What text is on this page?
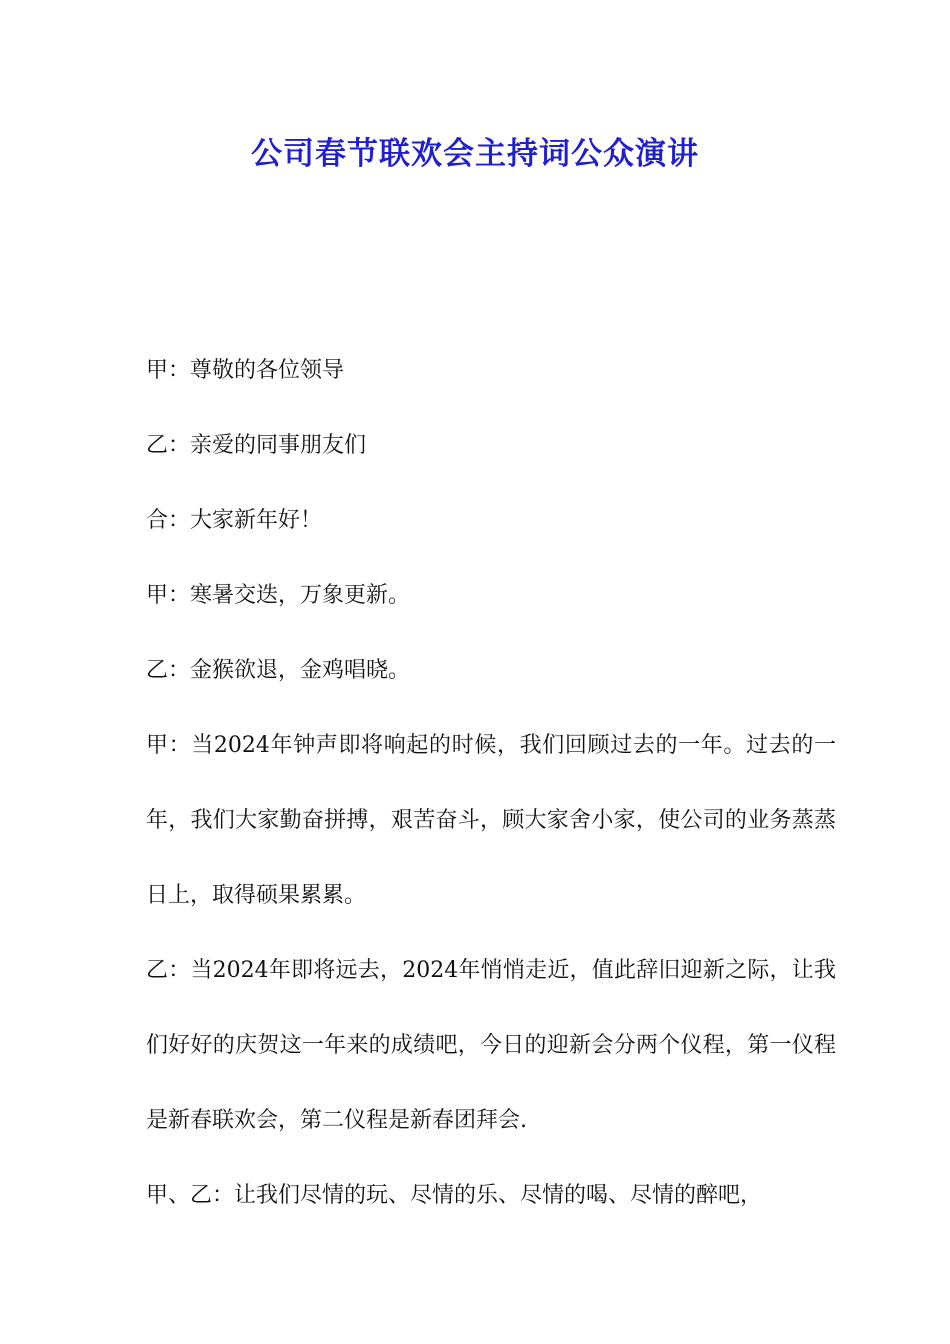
公司春节联欢会主持词公众演讲

甲：尊敬的各位领导

乙：亲爱的同事朋友们

合：大家新年好！

甲：寒暑交迭，万象更新。

乙：金猴欲退，金鸡唱晓。

甲：当2024年钟声即将响起的时候，我们回顾过去的一年。过去的一年，我们大家勤奋拼搏，艰苦奋斗，顾大家舍小家，使公司的业务蒸蒸日上，取得硕果累累。

乙：当2024年即将远去，2024年悄悄走近，值此辞旧迎新之际，让我们好好的庆贺这一年来的成绩吧，今日的迎新会分两个仪程，第一仪程是新春联欢会，第二仪程是新春团拜会.

甲、乙：让我们尽情的玩、尽情的乐、尽情的喝、尽情的醉吧，
